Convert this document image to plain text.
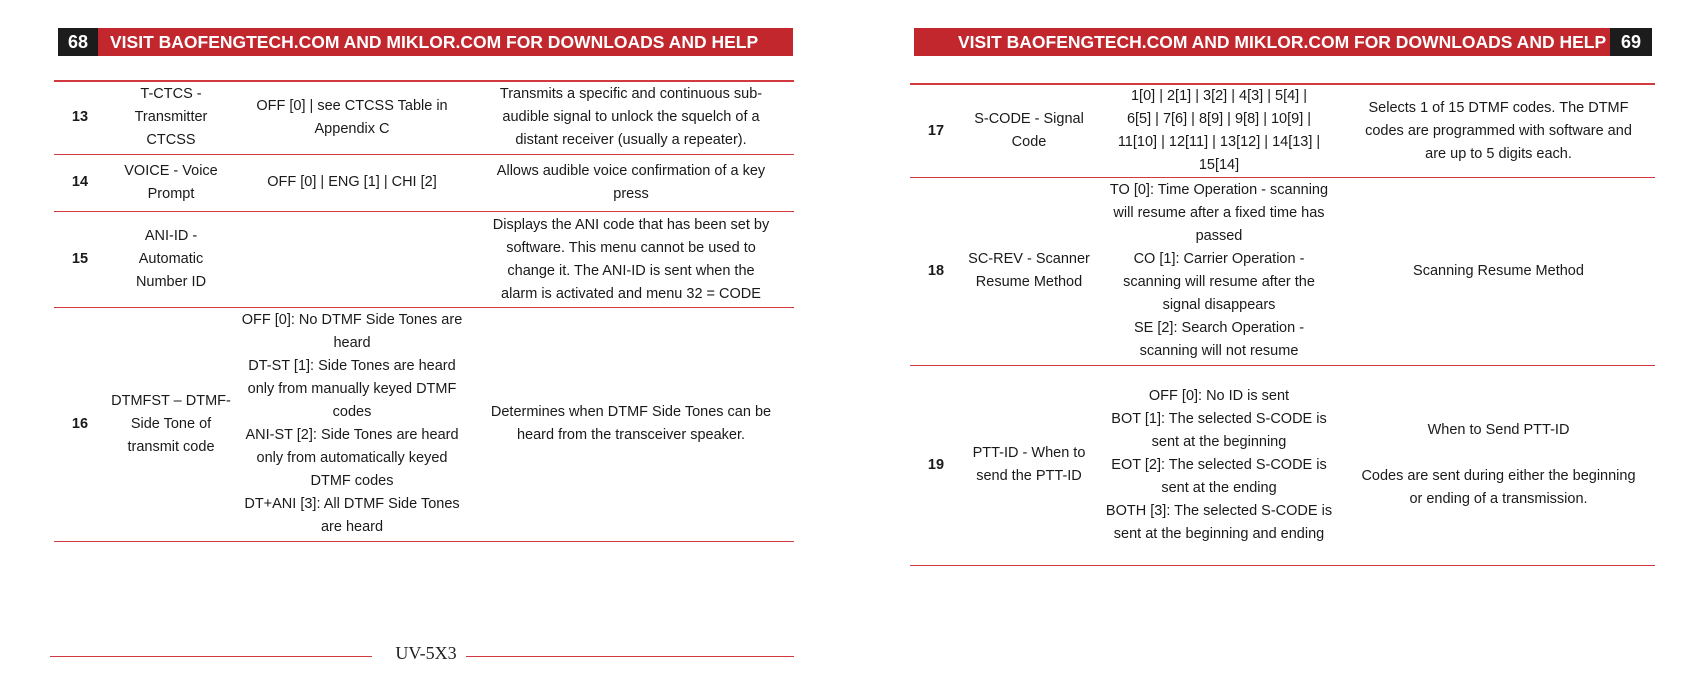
68	VISIT BAOFENGTECH.COM AND MIKLOR.COM FOR DOWNLOADS AND HELP
13
T-CTCS -
Transmitter
CTCSS
OFF [0] | see CTCSS Table in
Appendix C
Transmits a specific and continuous sub-
audible signal to unlock the squelch of a
distant receiver (usually a repeater).
14
VOICE - Voice
Prompt
OFF [0] | ENG [1] | CHI [2]
Allows audible voice confirmation of a key
press
15
ANI-ID -
Automatic
Number ID
Displays the ANI code that has been set by
software. This menu cannot be used to
change it. The ANI-ID is sent when the
alarm is activated and menu 32 = CODE
16
DTMFST – DTMF-
Side Tone of
transmit code
OFF [0]: No DTMF Side Tones are
heard
DT-ST [1]: Side Tones are heard
only from manually keyed DTMF
codes
ANI-ST [2]: Side Tones are heard
only from automatically keyed
DTMF codes
DT+ANI [3]: All DTMF Side Tones
are heard
Determines when DTMF Side Tones can be
heard from the transceiver speaker.
UV-5X3
VISIT BAOFENGTECH.COM AND MIKLOR.COM FOR DOWNLOADS AND HELP 69
17
S-CODE - Signal
Code
1[0] | 2[1] | 3[2] | 4[3] | 5[4] |
6[5] | 7[6] | 8[9] | 9[8] | 10[9] |
11[10] | 12[11] | 13[12] | 14[13] |
15[14]
Selects 1 of 15 DTMF codes. The DTMF
codes are programmed with software and
are up to 5 digits each.
18
SC-REV - Scanner
Resume Method
TO [0]: Time Operation - scanning
will resume after a fixed time has
passed
CO [1]: Carrier Operation -
scanning will resume after the
signal disappears
SE [2]: Search Operation -
scanning will not resume
Scanning Resume Method
19
PTT-ID - When to
send the PTT-ID
OFF [0]: No ID is sent
BOT [1]: The selected S-CODE is
sent at the beginning
EOT [2]: The selected S-CODE is
sent at the ending
BOTH [3]: The selected S-CODE is
sent at the beginning and ending
When to Send PTT-ID
Codes are sent during either the beginning
or ending of a transmission.
